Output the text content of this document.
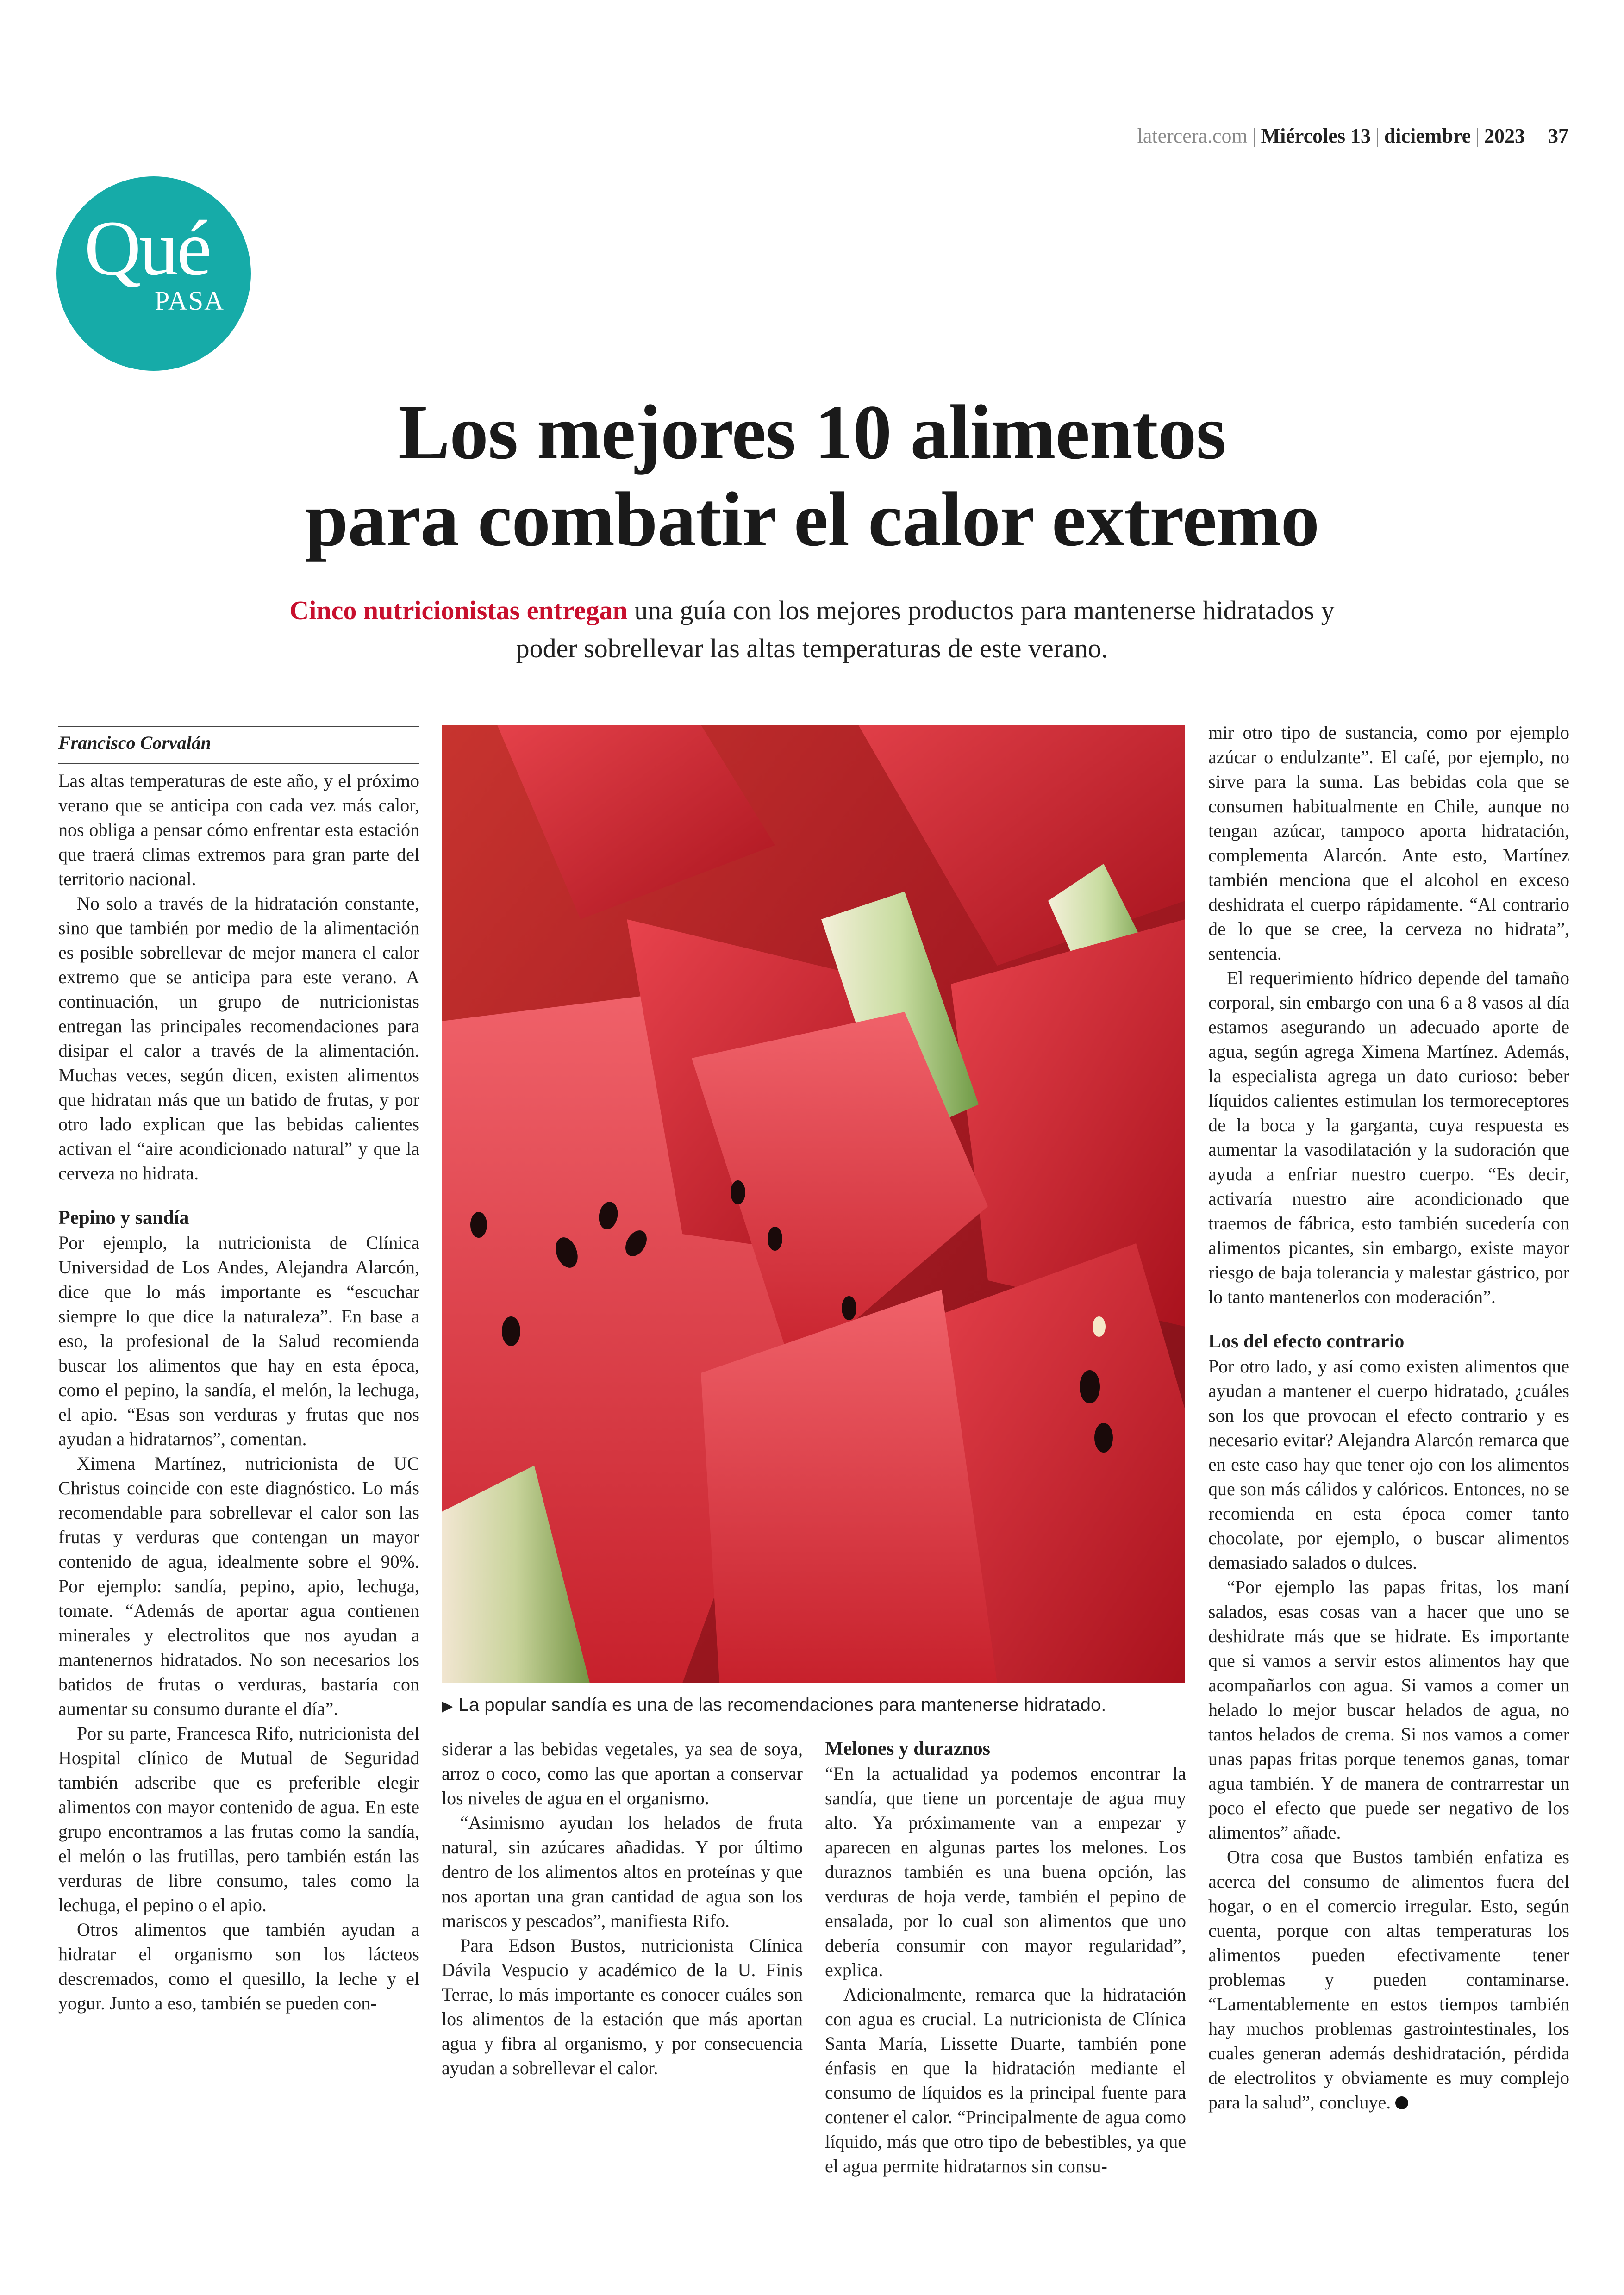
latercera.com | Miércoles 13 | diciembre | 2023 37
Qué
PASA
Los mejores 10 alimentos
para combatir el calor extremo
Cinco nutricionistas entregan una guía con los mejores productos para mantenerse hidratados y poder sobrellevar las altas temperaturas de este verano.
Francisco Corvalán

Las altas temperaturas de este año, y el próximo verano que se anticipa con cada vez más calor, nos obliga a pensar cómo enfrentar esta estación que traerá climas extremos para gran parte del territorio nacional.

No solo a través de la hidratación constante, sino que también por medio de la alimentación es posible sobrellevar de mejor manera el calor extremo que se anticipa para este verano. A continuación, un grupo de nutricionistas entregan las principales recomendaciones para disipar el calor a través de la alimentación. Muchas veces, según dicen, existen alimentos que hidratan más que un batido de frutas, y por otro lado explican que las bebidas calientes activan el “aire acondicionado natural” y que la cerveza no hidrata.

Pepino y sandía

Por ejemplo, la nutricionista de Clínica Universidad de Los Andes, Alejandra Alarcón, dice que lo más importante es “escuchar siempre lo que dice la naturaleza”. En base a eso, la profesional de la Salud recomienda buscar los alimentos que hay en esta época, como el pepino, la sandía, el melón, la lechuga, el apio. “Esas son verduras y frutas que nos ayudan a hidratarnos”, comentan.

Ximena Martínez, nutricionista de UC Christus coincide con este diagnóstico. Lo más recomendable para sobrellevar el calor son las frutas y verduras que contengan un mayor contenido de agua, idealmente sobre el 90%. Por ejemplo: sandía, pepino, apio, lechuga, tomate. “Además de aportar agua contienen minerales y electrolitos que nos ayudan a mantenernos hidratados. No son necesarios los batidos de frutas o verduras, bastaría con aumentar su consumo durante el día”.

Por su parte, Francesca Rifo, nutricionista del Hospital clínico de Mutual de Seguridad también adscribe que es preferible elegir alimentos con mayor contenido de agua. En este grupo encontramos a las frutas como la sandía, el melón o las frutillas, pero también están las verduras de libre consumo, tales como la lechuga, el pepino o el apio.

Otros alimentos que también ayudan a hidratar el organismo son los lácteos descremados, como el quesillo, la leche y el yogur. Junto a eso, también se pueden con-

▶ La popular sandía es una de las recomendaciones para mantenerse hidratado.

siderar a las bebidas vegetales, ya sea de soya, arroz o coco, como las que aportan a conservar los niveles de agua en el organismo.

“Asimismo ayudan los helados de fruta natural, sin azúcares añadidas. Y por último dentro de los alimentos altos en proteínas y que nos aportan una gran cantidad de agua son los mariscos y pescados”, manifiesta Rifo.

Para Edson Bustos, nutricionista Clínica Dávila Vespucio y académico de la U. Finis Terrae, lo más importante es conocer cuáles son los alimentos de la estación que más aportan agua y fibra al organismo, y por consecuencia ayudan a sobrellevar el calor.

Melones y duraznos

“En la actualidad ya podemos encontrar la sandía, que tiene un porcentaje de agua muy alto. Ya próximamente van a empezar y aparecen en algunas partes los melones. Los duraznos también es una buena opción, las verduras de hoja verde, también el pepino de ensalada, por lo cual son alimentos que uno debería consumir con mayor regularidad”, explica.

Adicionalmente, remarca que la hidratación con agua es crucial. La nutricionista de Clínica Santa María, Lissette Duarte, también pone énfasis en que la hidratación mediante el consumo de líquidos es la principal fuente para contener el calor. “Principalmente de agua como líquido, más que otro tipo de bebestibles, ya que el agua permite hidratarnos sin consu-

mir otro tipo de sustancia, como por ejemplo azúcar o endulzante”. El café, por ejemplo, no sirve para la suma. Las bebidas cola que se consumen habitualmente en Chile, aunque no tengan azúcar, tampoco aporta hidratación, complementa Alarcón. Ante esto, Martínez también menciona que el alcohol en exceso deshidrata el cuerpo rápidamente. “Al contrario de lo que se cree, la cerveza no hidrata”, sentencia.

El requerimiento hídrico depende del tamaño corporal, sin embargo con una 6 a 8 vasos al día estamos asegurando un adecuado aporte de agua, según agrega Ximena Martínez. Además, la especialista agrega un dato curioso: beber líquidos calientes estimulan los termoreceptores de la boca y la garganta, cuya respuesta es aumentar la vasodilatación y la sudoración que ayuda a enfriar nuestro cuerpo. “Es decir, activaría nuestro aire acondicionado que traemos de fábrica, esto también sucedería con alimentos picantes, sin embargo, existe mayor riesgo de baja tolerancia y malestar gástrico, por lo tanto mantenerlos con moderación”.

Los del efecto contrario

Por otro lado, y así como existen alimentos que ayudan a mantener el cuerpo hidratado, ¿cuáles son los que provocan el efecto contrario y es necesario evitar? Alejandra Alarcón remarca que en este caso hay que tener ojo con los alimentos que son más cálidos y calóricos. Entonces, no se recomienda en esta época comer tanto chocolate, por ejemplo, o buscar alimentos demasiado salados o dulces.

“Por ejemplo las papas fritas, los maní salados, esas cosas van a hacer que uno se deshidrate más que se hidrate. Es importante que si vamos a servir estos alimentos hay que acompañarlos con agua. Si vamos a comer un helado lo mejor buscar helados de agua, no tantos helados de crema. Si nos vamos a comer unas papas fritas porque tenemos ganas, tomar agua también. Y de manera de contrarrestar un poco el efecto que puede ser negativo de los alimentos” añade.

Otra cosa que Bustos también enfatiza es acerca del consumo de alimentos fuera del hogar, o en el comercio irregular. Esto, según cuenta, porque con altas temperaturas los alimentos pueden efectivamente tener problemas y pueden contaminarse. “Lamentablemente en estos tiempos también hay muchos problemas gastrointestinales, los cuales generan además deshidratación, pérdida de electrolitos y obviamente es muy complejo para la salud”, concluye.
